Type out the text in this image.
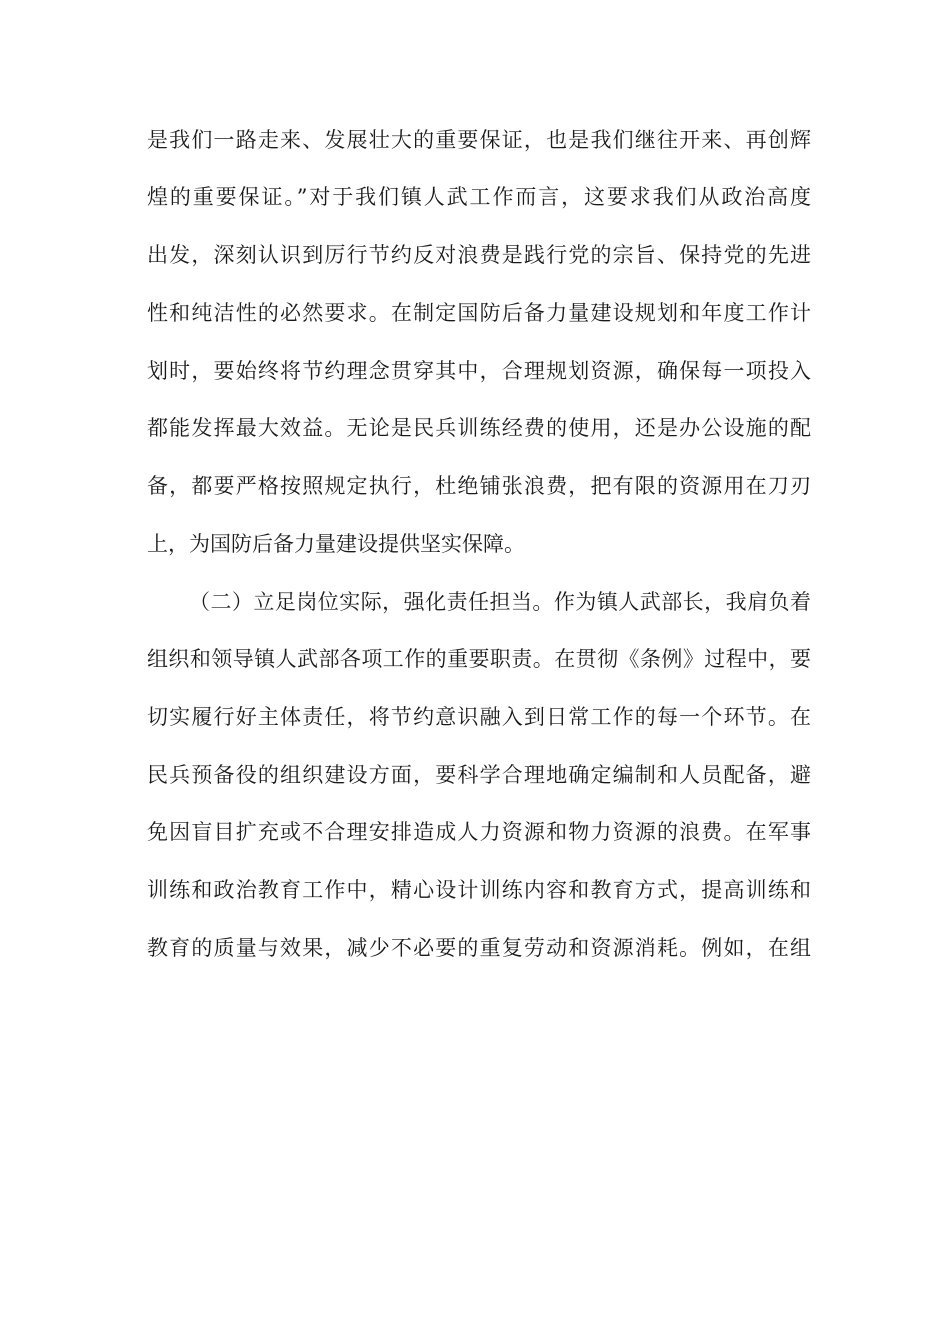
是我们一路走来、发展壮大的重要保证，也是我们继往开来、再创辉
煌的重要保证。”对于我们镇人武工作而言，这要求我们从政治高度
出发，深刻认识到厉行节约反对浪费是践行党的宗旨、保持党的先进
性和纯洁性的必然要求。在制定国防后备力量建设规划和年度工作计
划时，要始终将节约理念贯穿其中，合理规划资源，确保每一项投入
都能发挥最大效益。无论是民兵训练经费的使用，还是办公设施的配
备，都要严格按照规定执行，杜绝铺张浪费，把有限的资源用在刀刃
上，为国防后备力量建设提供坚实保障。
（二）立足岗位实际，强化责任担当。作为镇人武部长，我肩负着
组织和领导镇人武部各项工作的重要职责。在贯彻《条例》过程中，要
切实履行好主体责任，将节约意识融入到日常工作的每一个环节。在
民兵预备役的组织建设方面，要科学合理地确定编制和人员配备，避
免因盲目扩充或不合理安排造成人力资源和物力资源的浪费。在军事
训练和政治教育工作中，精心设计训练内容和教育方式，提高训练和
教育的质量与效果，减少不必要的重复劳动和资源消耗。例如，在组
